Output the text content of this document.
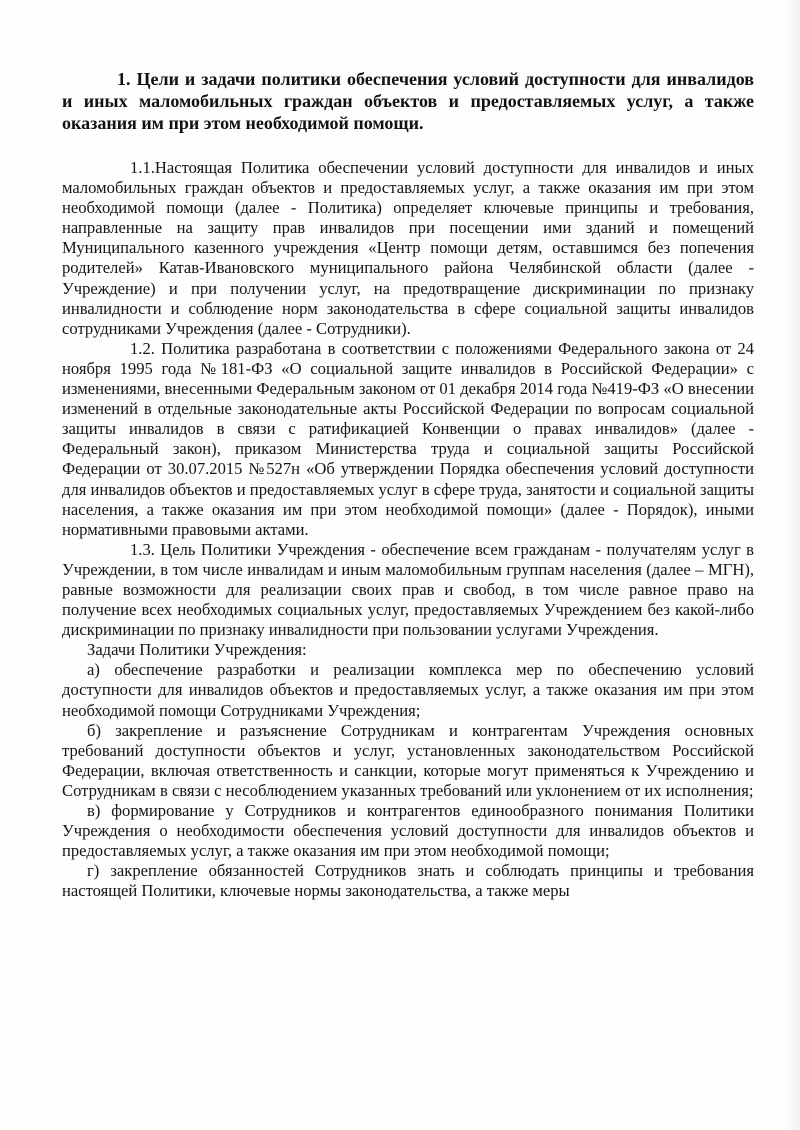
1. Цели и задачи политики обеспечения условий доступности для инвалидов и иных маломобильных граждан объектов и предоставляемых услуг, а также оказания им при этом необходимой помощи.

1.1.Настоящая Политика обеспечении условий доступности для инвалидов и иных маломобильных граждан объектов и предоставляемых услуг, а также оказания им при этом необходимой помощи (далее - Политика) определяет ключевые принципы и требования, направленные на защиту прав инвалидов при посещении ими зданий и помещений Муниципального казенного учреждения «Центр помощи детям, оставшимся без попечения родителей» Катав-Ивановского муниципального района Челябинской области (далее - Учреждение) и при получении услуг, на предотвращение дискриминации по признаку инвалидности и соблюдение норм законодательства в сфере социальной защиты инвалидов сотрудниками Учреждения (далее - Сотрудники).

1.2. Политика разработана в соответствии с положениями Федерального закона от 24 ноября 1995 года №181-ФЗ «О социальной защите инвалидов в Российской Федерации» с изменениями, внесенными Федеральным законом от 01 декабря 2014 года №419-ФЗ «О внесении изменений в отдельные законодательные акты Российской Федерации по вопросам социальной защиты инвалидов в связи с ратификацией Конвенции о правах инвалидов» (далее - Федеральный закон), приказом Министерства труда и социальной защиты Российской Федерации от 30.07.2015 №527н «Об утверждении Порядка обеспечения условий доступности для инвалидов объектов и предоставляемых услуг в сфере труда, занятости и социальной защиты населения, а также оказания им при этом необходимой помощи» (далее - Порядок), иными нормативными правовыми актами.

1.3. Цель Политики Учреждения - обеспечение всем гражданам - получателям услуг в Учреждении, в том числе инвалидам и иным маломобильным группам населения (далее – МГН), равные возможности для реализации своих прав и свобод, в том числе равное право на получение всех необходимых социальных услуг, предоставляемых Учреждением без какой-либо дискриминации по признаку инвалидности при пользовании услугами Учреждения.

Задачи Политики Учреждения:

а) обеспечение разработки и реализации комплекса мер по обеспечению условий доступности для инвалидов объектов и предоставляемых услуг, а также оказания им при этом необходимой помощи Сотрудниками Учреждения;

б) закрепление и разъяснение Сотрудникам и контрагентам Учреждения основных требований доступности объектов и услуг, установленных законодательством Российской Федерации, включая ответственность и санкции, которые могут применяться к Учреждению и Сотрудникам в связи с несоблюдением указанных требований или уклонением от их исполнения;

в) формирование у Сотрудников и контрагентов единообразного понимания Политики Учреждения о необходимости обеспечения условий доступности для инвалидов объектов и предоставляемых услуг, а также оказания им при этом необходимой помощи;

г) закрепление обязанностей Сотрудников знать и соблюдать принципы и требования настоящей Политики, ключевые нормы законодательства, а также меры
